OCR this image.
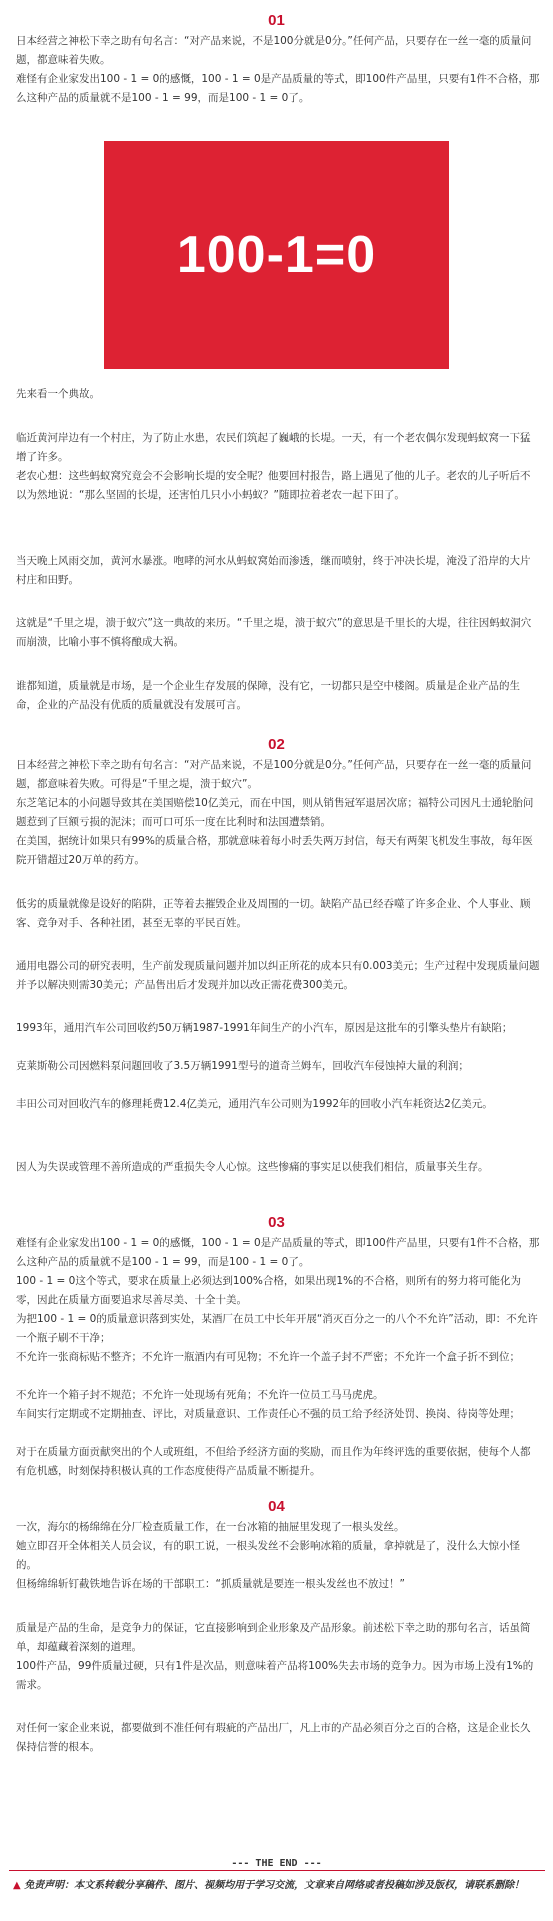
01

日本经营之神松下幸之助有句名言：“对产品来说，不是100分就是0分。”任何产品，只要存在一丝一毫的质量问题，都意味着失败。

难怪有企业家发出100 - 1 = 0的感慨，100 - 1 = 0是产品质量的等式，即100件产品里，只要有1件不合格，那么这种产品的质量就不是100 - 1 = 99，而是100 - 1 = 0了。

100-1=0

先来看一个典故。

临近黄河岸边有一个村庄，为了防止水患，农民们筑起了巍峨的长堤。一天，有一个老农偶尔发现蚂蚁窝一下猛增了许多。

老农心想：这些蚂蚁窝究竟会不会影响长堤的安全呢？他要回村报告，路上遇见了他的儿子。老农的儿子听后不以为然地说：“那么坚固的长堤，还害怕几只小小蚂蚁？”随即拉着老农一起下田了。

当天晚上风雨交加，黄河水暴涨。咆哮的河水从蚂蚁窝始而渗透，继而喷射，终于冲决长堤，淹没了沿岸的大片村庄和田野。

这就是“千里之堤，溃于蚁穴”这一典故的来历。“千里之堤，溃于蚁穴”的意思是千里长的大堤，往往因蚂蚁洞穴而崩溃，比喻小事不慎将酿成大祸。

谁都知道，质量就是市场，是一个企业生存发展的保障，没有它，一切都只是空中楼阁。质量是企业产品的生命，企业的产品没有优质的质量就没有发展可言。

02

日本经营之神松下幸之助有句名言：“对产品来说，不是100分就是0分。”任何产品，只要存在一丝一毫的质量问题，都意味着失败。可得是“千里之堤，溃于蚁穴”。

东芝笔记本的小问题导致其在美国赔偿10亿美元，而在中国，则从销售冠军退居次席；福特公司因凡士通轮胎问题惹到了巨额亏损的泥沫；而可口可乐一度在比利时和法国遭禁销。

在美国，据统计如果只有99%的质量合格，那就意味着每小时丢失两万封信，每天有两架飞机发生事故，每年医院开错超过20万单的药方。

低劣的质量就像是设好的陷阱，正等着去摧毁企业及周围的一切。缺陷产品已经吞噬了许多企业、个人事业、顾客、竞争对手、各种社团，甚至无辜的平民百姓。

通用电器公司的研究表明，生产前发现质量问题并加以纠正所花的成本只有0.003美元；生产过程中发现质量问题并予以解决则需30美元；产品售出后才发现并加以改正需花费300美元。

1993年，通用汽车公司回收约50万辆1987-1991年间生产的小汽车，原因是这批车的引擎头垫片有缺陷；

克莱斯勒公司因燃料泵问题回收了3.5万辆1991型号的道奇兰姆车，回收汽车侵蚀掉大量的利润；

丰田公司对回收汽车的修理耗费12.4亿美元，通用汽车公司则为1992年的回收小汽车耗资达2亿美元。

因人为失误或管理不善所造成的严重损失令人心惊。这些惨痛的事实足以使我们相信，质量事关生存。

03

难怪有企业家发出100 - 1 = 0的感慨，100 - 1 = 0是产品质量的等式，即100件产品里，只要有1件不合格，那么这种产品的质量就不是100 - 1 = 99，而是100 - 1 = 0了。

100 - 1 = 0这个等式，要求在质量上必须达到100%合格，如果出现1%的不合格，则所有的努力将可能化为零，因此在质量方面要追求尽善尽美、十全十美。

为把100 - 1 = 0的质量意识落到实处，某酒厂在员工中长年开展“消灭百分之一的八个不允许”活动，即：不允许一个瓶子刷不干净；

不允许一张商标贴不整齐；不允许一瓶酒内有可见物；不允许一个盖子封不严密；不允许一个盒子折不到位；

不允许一个箱子封不规范；不允许一处现场有死角；不允许一位员工马马虎虎。

车间实行定期或不定期抽查、评比，对质量意识、工作责任心不强的员工给予经济处罚、换岗、待岗等处理；

对于在质量方面贡献突出的个人或班组，不但给予经济方面的奖励，而且作为年终评选的重要依据，使每个人都有危机感，时刻保持积极认真的工作态度使得产品质量不断提升。

04

一次，海尔的杨绵绵在分厂检查质量工作，在一台冰箱的抽屉里发现了一根头发丝。

她立即召开全体相关人员会议，有的职工说，一根头发丝不会影响冰箱的质量，拿掉就是了，没什么大惊小怪的。

但杨绵绵斩钉截铁地告诉在场的干部职工：“抓质量就是要连一根头发丝也不放过！”

质量是产品的生命，是竞争力的保证，它直接影响到企业形象及产品形象。前述松下幸之助的那句名言，话虽简单，却蕴藏着深刻的道理。

100件产品，99件质量过硬，只有1件是次品，则意味着产品将100%失去市场的竞争力。因为市场上没有1%的需求。

对任何一家企业来说，都要做到不准任何有瑕疵的产品出厂，凡上市的产品必须百分之百的合格，这是企业长久保持信誉的根本。

--- THE END ---
▲ 免责声明：本文系转载分享稿件、图片、视频均用于学习交流，文章来自网络或者投稿如涉及版权，请联系删除！
